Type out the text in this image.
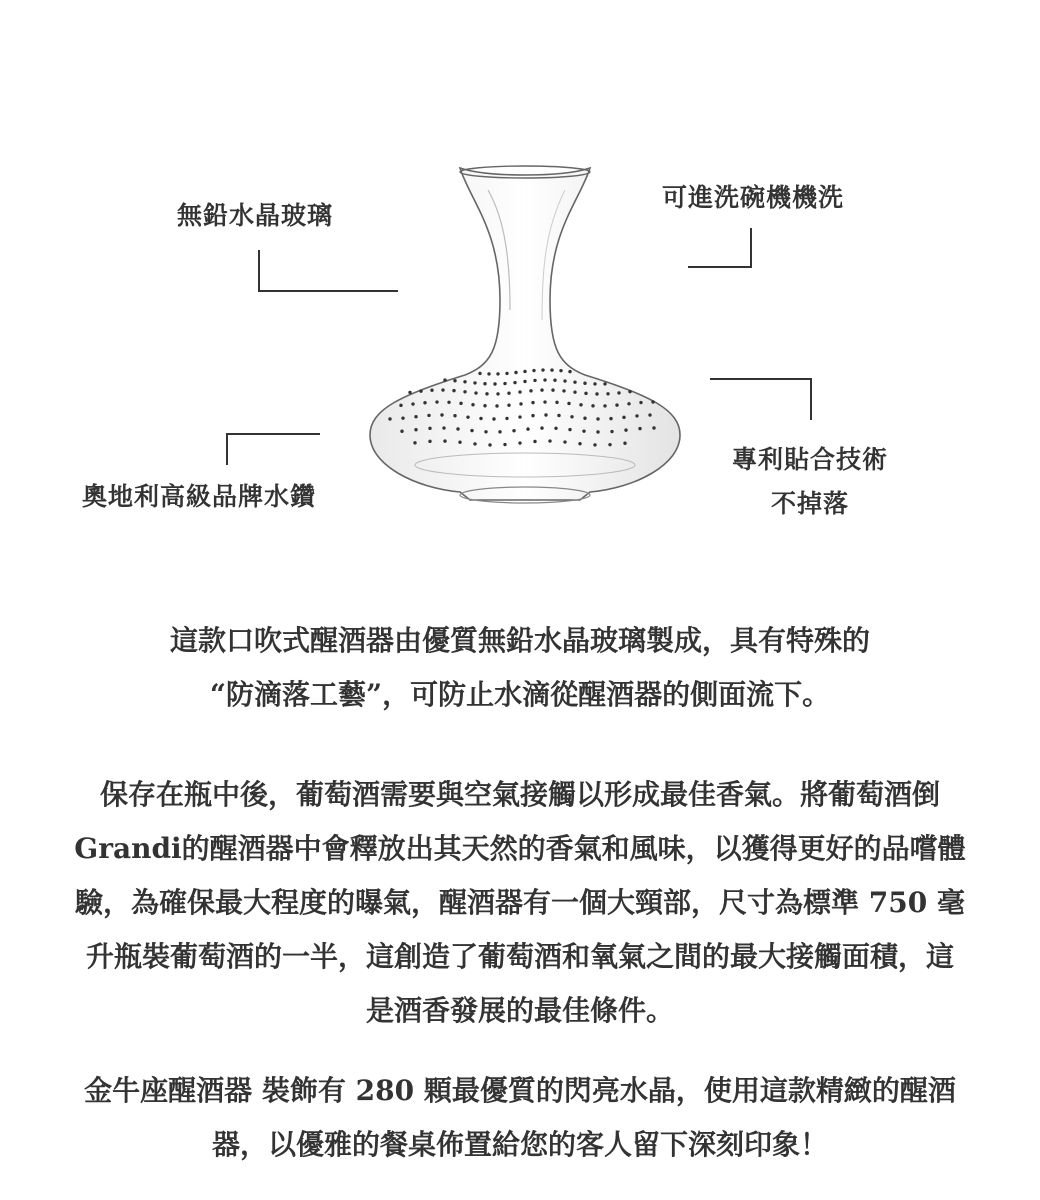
無鉛水晶玻璃
可進洗碗機機洗
奧地利高級品牌水鑽
專利貼合技術
不掉落
這款口吹式醒酒器由優質無鉛水晶玻璃製成，具有特殊的
“防滴落工藝”，可防止水滴從醒酒器的側面流下。
保存在瓶中後，葡萄酒需要與空氣接觸以形成最佳香氣。將葡萄酒倒
Grandi的醒酒器中會釋放出其天然的香氣和風味，以獲得更好的品嚐體
驗，為確保最大程度的曝氣，醒酒器有一個大頸部，尺寸為標準 750 毫
升瓶裝葡萄酒的一半，這創造了葡萄酒和氧氣之間的最大接觸面積，這
是酒香發展的最佳條件。
金牛座醒酒器 裝飾有 280 顆最優質的閃亮水晶，使用這款精緻的醒酒
器，以優雅的餐桌佈置給您的客人留下深刻印象！
